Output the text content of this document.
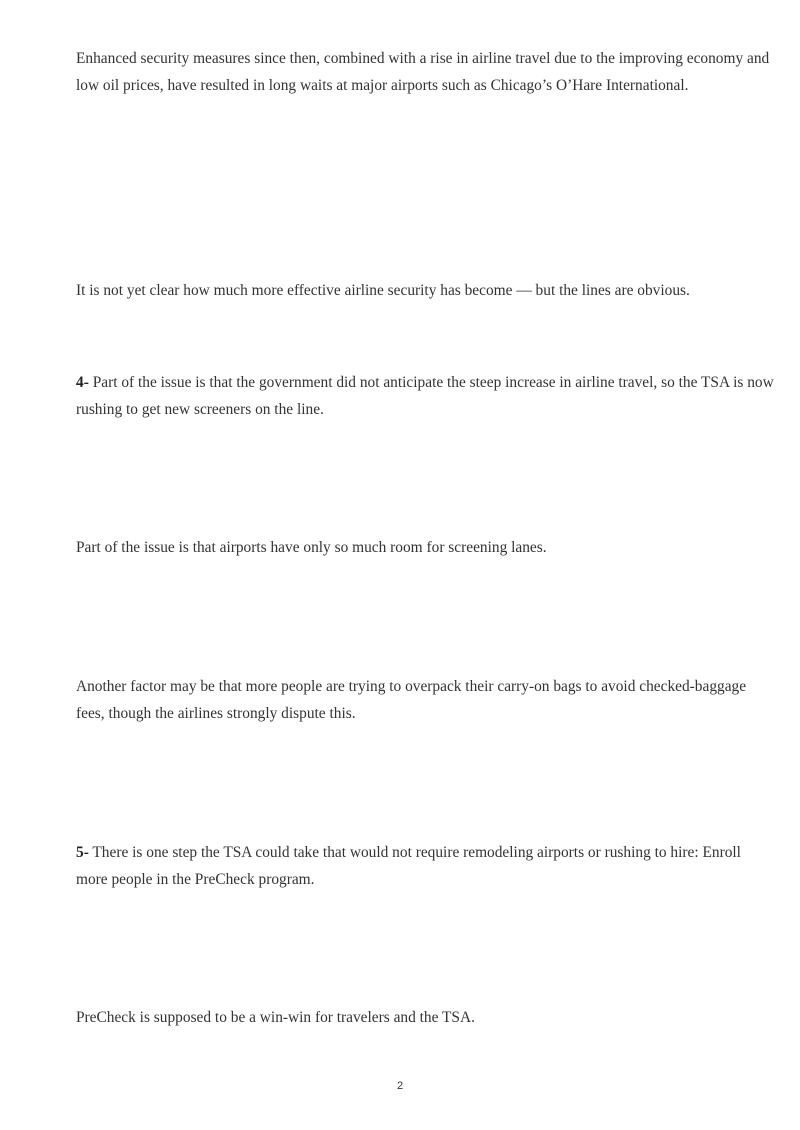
Enhanced security measures since then, combined with a rise in airline travel due to the improving economy and low oil prices, have resulted in long waits at major airports such as Chicago’s O’Hare International.

It is not yet clear how much more effective airline security has become — but the lines are obvious.

4- Part of the issue is that the government did not anticipate the steep increase in airline travel, so the TSA is now rushing to get new screeners on the line.

Part of the issue is that airports have only so much room for screening lanes.

Another factor may be that more people are trying to overpack their carry-on bags to avoid checked-baggage fees, though the airlines strongly dispute this.

5- There is one step the TSA could take that would not require remodeling airports or rushing to hire: Enroll more people in the PreCheck program.

PreCheck is supposed to be a win-win for travelers and the TSA.

2
